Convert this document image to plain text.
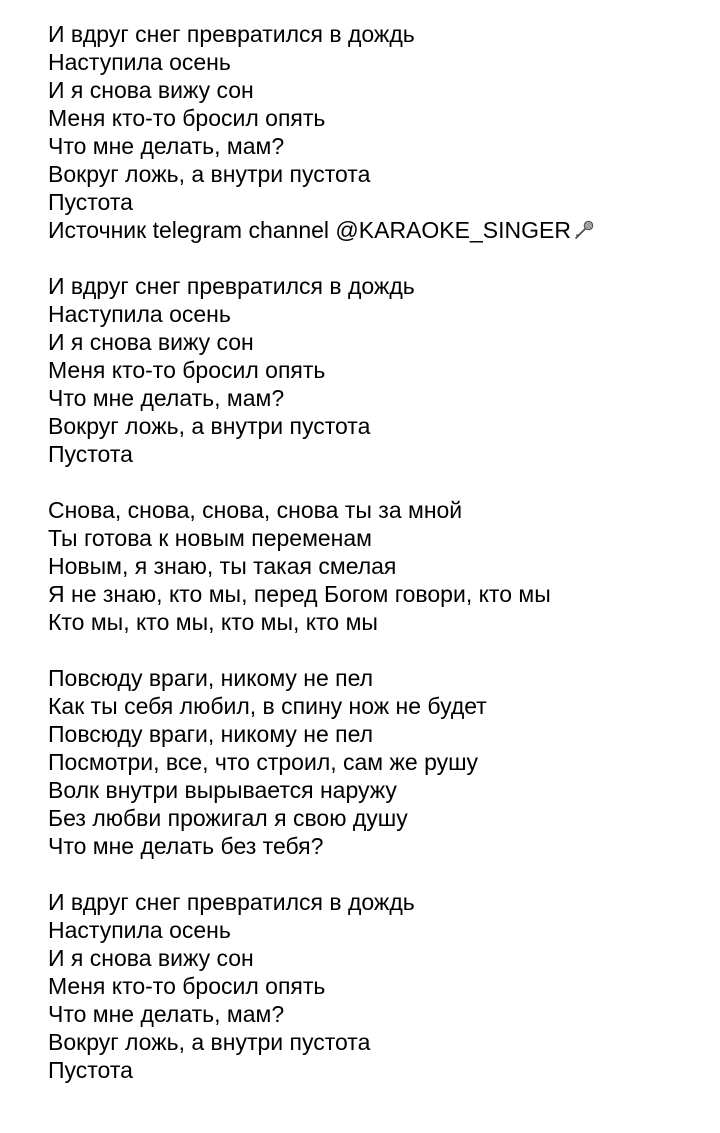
И вдруг снег превратился в дождь
Наступила осень
И я снова вижу сон
Меня кто-то бросил опять
Что мне делать, мам?
Вокруг ложь, а внутри пустота
Пустота
Источник telegram channel @KARAOKE_SINGER
И вдруг снег превратился в дождь
Наступила осень
И я снова вижу сон
Меня кто-то бросил опять
Что мне делать, мам?
Вокруг ложь, а внутри пустота
Пустота
Снова, снова, снова, снова ты за мной
Ты готова к новым переменам
Новым, я знаю, ты такая смелая
Я не знаю, кто мы, перед Богом говори, кто мы
Кто мы, кто мы, кто мы, кто мы
Повсюду враги, никому не пел
Как ты себя любил, в спину нож не будет
Повсюду враги, никому не пел
Посмотри, все, что строил, сам же рушу
Волк внутри вырывается наружу
Без любви прожигал я свою душу
Что мне делать без тебя?
И вдруг снег превратился в дождь
Наступила осень
И я снова вижу сон
Меня кто-то бросил опять
Что мне делать, мам?
Вокруг ложь, а внутри пустота
Пустота
